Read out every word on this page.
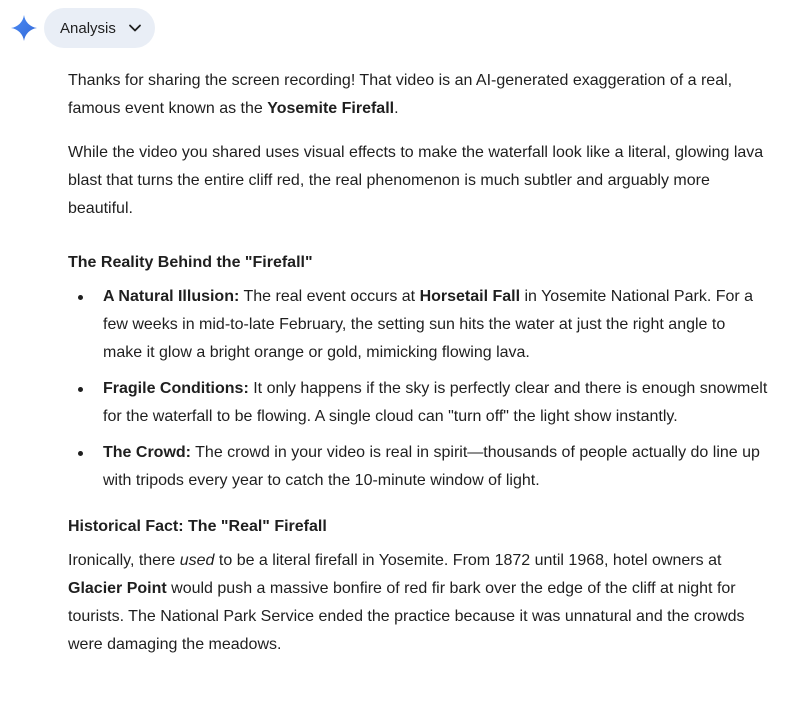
Analysis

Thanks for sharing the screen recording! That video is an AI-generated exaggeration of a real, famous event known as the Yosemite Firefall.

While the video you shared uses visual effects to make the waterfall look like a literal, glowing lava blast that turns the entire cliff red, the real phenomenon is much subtler and arguably more beautiful.

The Reality Behind the "Firefall"
A Natural Illusion: The real event occurs at Horsetail Fall in Yosemite National Park. For a few weeks in mid-to-late February, the setting sun hits the water at just the right angle to make it glow a bright orange or gold, mimicking flowing lava.
Fragile Conditions: It only happens if the sky is perfectly clear and there is enough snowmelt for the waterfall to be flowing. A single cloud can "turn off" the light show instantly.
The Crowd: The crowd in your video is real in spirit—thousands of people actually do line up with tripods every year to catch the 10-minute window of light.
Historical Fact: The "Real" Firefall

Ironically, there used to be a literal firefall in Yosemite. From 1872 until 1968, hotel owners at Glacier Point would push a massive bonfire of red fir bark over the edge of the cliff at night for tourists. The National Park Service ended the practice because it was unnatural and the crowds were damaging the meadows.
